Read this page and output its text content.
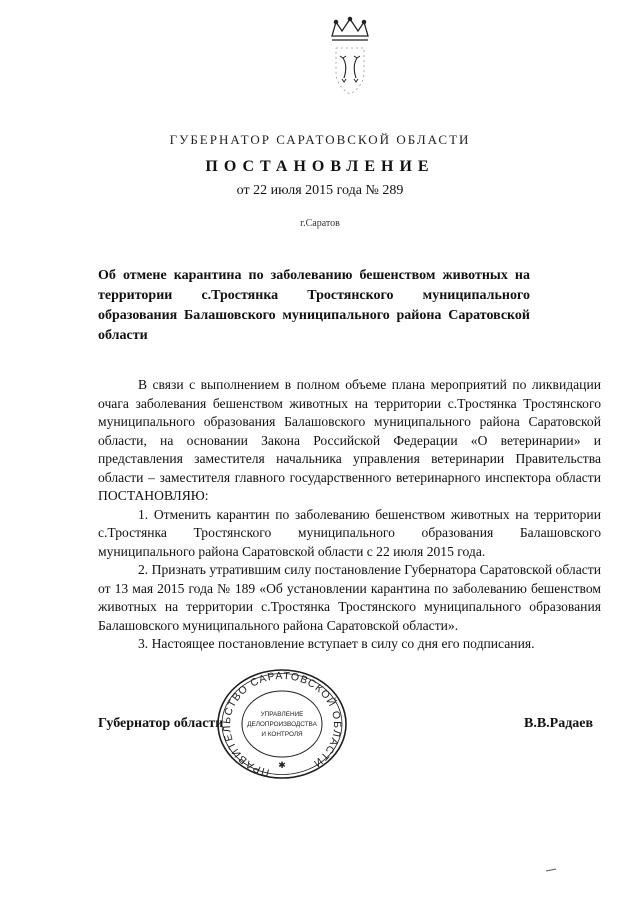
ГУБЕРНАТОР САРАТОВСКОЙ ОБЛАСТИ
ПОСТАНОВЛЕНИЕ
от 22 июля 2015 года № 289
г.Саратов
Об отмене карантина по заболеванию бешенством животных на территории с.Тростянка Тростянского муниципального образования Балашовского муниципального района Саратовской области

В связи с выполнением в полном объеме плана мероприятий по ликвидации очага заболевания бешенством животных на территории с.Тростянка Тростянского муниципального образования Балашовского муниципального района Саратовской области, на основании Закона Российской Федерации «О ветеринарии» и представления заместителя начальника управления ветеринарии Правительства области – заместителя главного государственного ветеринарного инспектора области ПОСТАНОВЛЯЮ:

1. Отменить карантин по заболеванию бешенством животных на территории с.Тростянка Тростянского муниципального образования Балашовского муниципального района Саратовской области с 22 июля 2015 года.

2. Признать утратившим силу постановление Губернатора Саратовской области от 13 мая 2015 года № 189 «Об установлении карантина по заболеванию бешенством животных на территории с.Тростянка Тростянского муниципального образования Балашовского муниципального района Саратовской области».

3. Настоящее постановление вступает в силу со дня его подписания.

Губернатор области	В.В.Радаев
ПРАВИТЕЛЬСТВО САРАТОВСКОЙ ОБЛАСТИ
УПРАВЛЕНИЕ
ДЕЛОПРОИЗВОДСТВА
И КОНТРОЛЯ
✱
